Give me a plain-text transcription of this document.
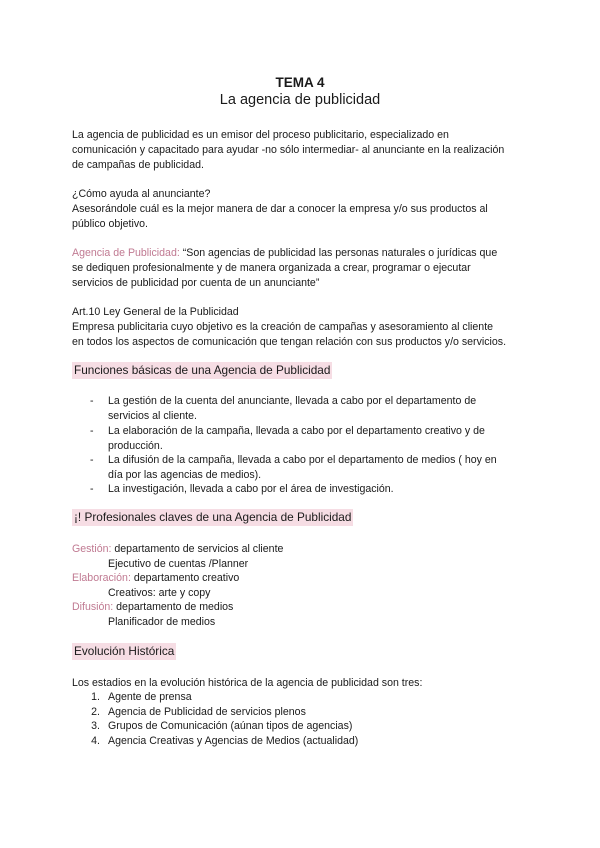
TEMA 4
La agencia de publicidad
La agencia de publicidad es un emisor del proceso publicitario, especializado en
comunicación y capacitado para ayudar -no sólo intermediar- al anunciante en la realización
de campañas de publicidad.
¿Cómo ayuda al anunciante?
Asesorándole cuál es la mejor manera de dar a conocer la empresa y/o sus productos al
público objetivo.
Agencia de Publicidad: “Son agencias de publicidad las personas naturales o jurídicas que
se dediquen profesionalmente y de manera organizada a crear, programar o ejecutar
servicios de publicidad por cuenta de un anunciante”
Art.10 Ley General de la Publicidad
Empresa publicitaria cuyo objetivo es la creación de campañas y asesoramiento al cliente
en todos los aspectos de comunicación que tengan relación con sus productos y/o servicios.
Funciones básicas de una Agencia de Publicidad
- La gestión de la cuenta del anunciante, llevada a cabo por el departamento de
servicios al cliente.
- La elaboración de la campaña, llevada a cabo por el departamento creativo y de
producción.
- La difusión de la campaña, llevada a cabo por el departamento de medios ( hoy en
día por las agencias de medios).
- La investigación, llevada a cabo por el área de investigación.
¡! Profesionales claves de una Agencia de Publicidad
Gestión: departamento de servicios al cliente
Ejecutivo de cuentas /Planner
Elaboración: departamento creativo
Creativos: arte y copy
Difusión: departamento de medios
Planificador de medios
Evolución Histórica
Los estadios en la evolución histórica de la agencia de publicidad son tres:
1. Agente de prensa
2. Agencia de Publicidad de servicios plenos
3. Grupos de Comunicación (aúnan tipos de agencias)
4. Agencia Creativas y Agencias de Medios (actualidad)
